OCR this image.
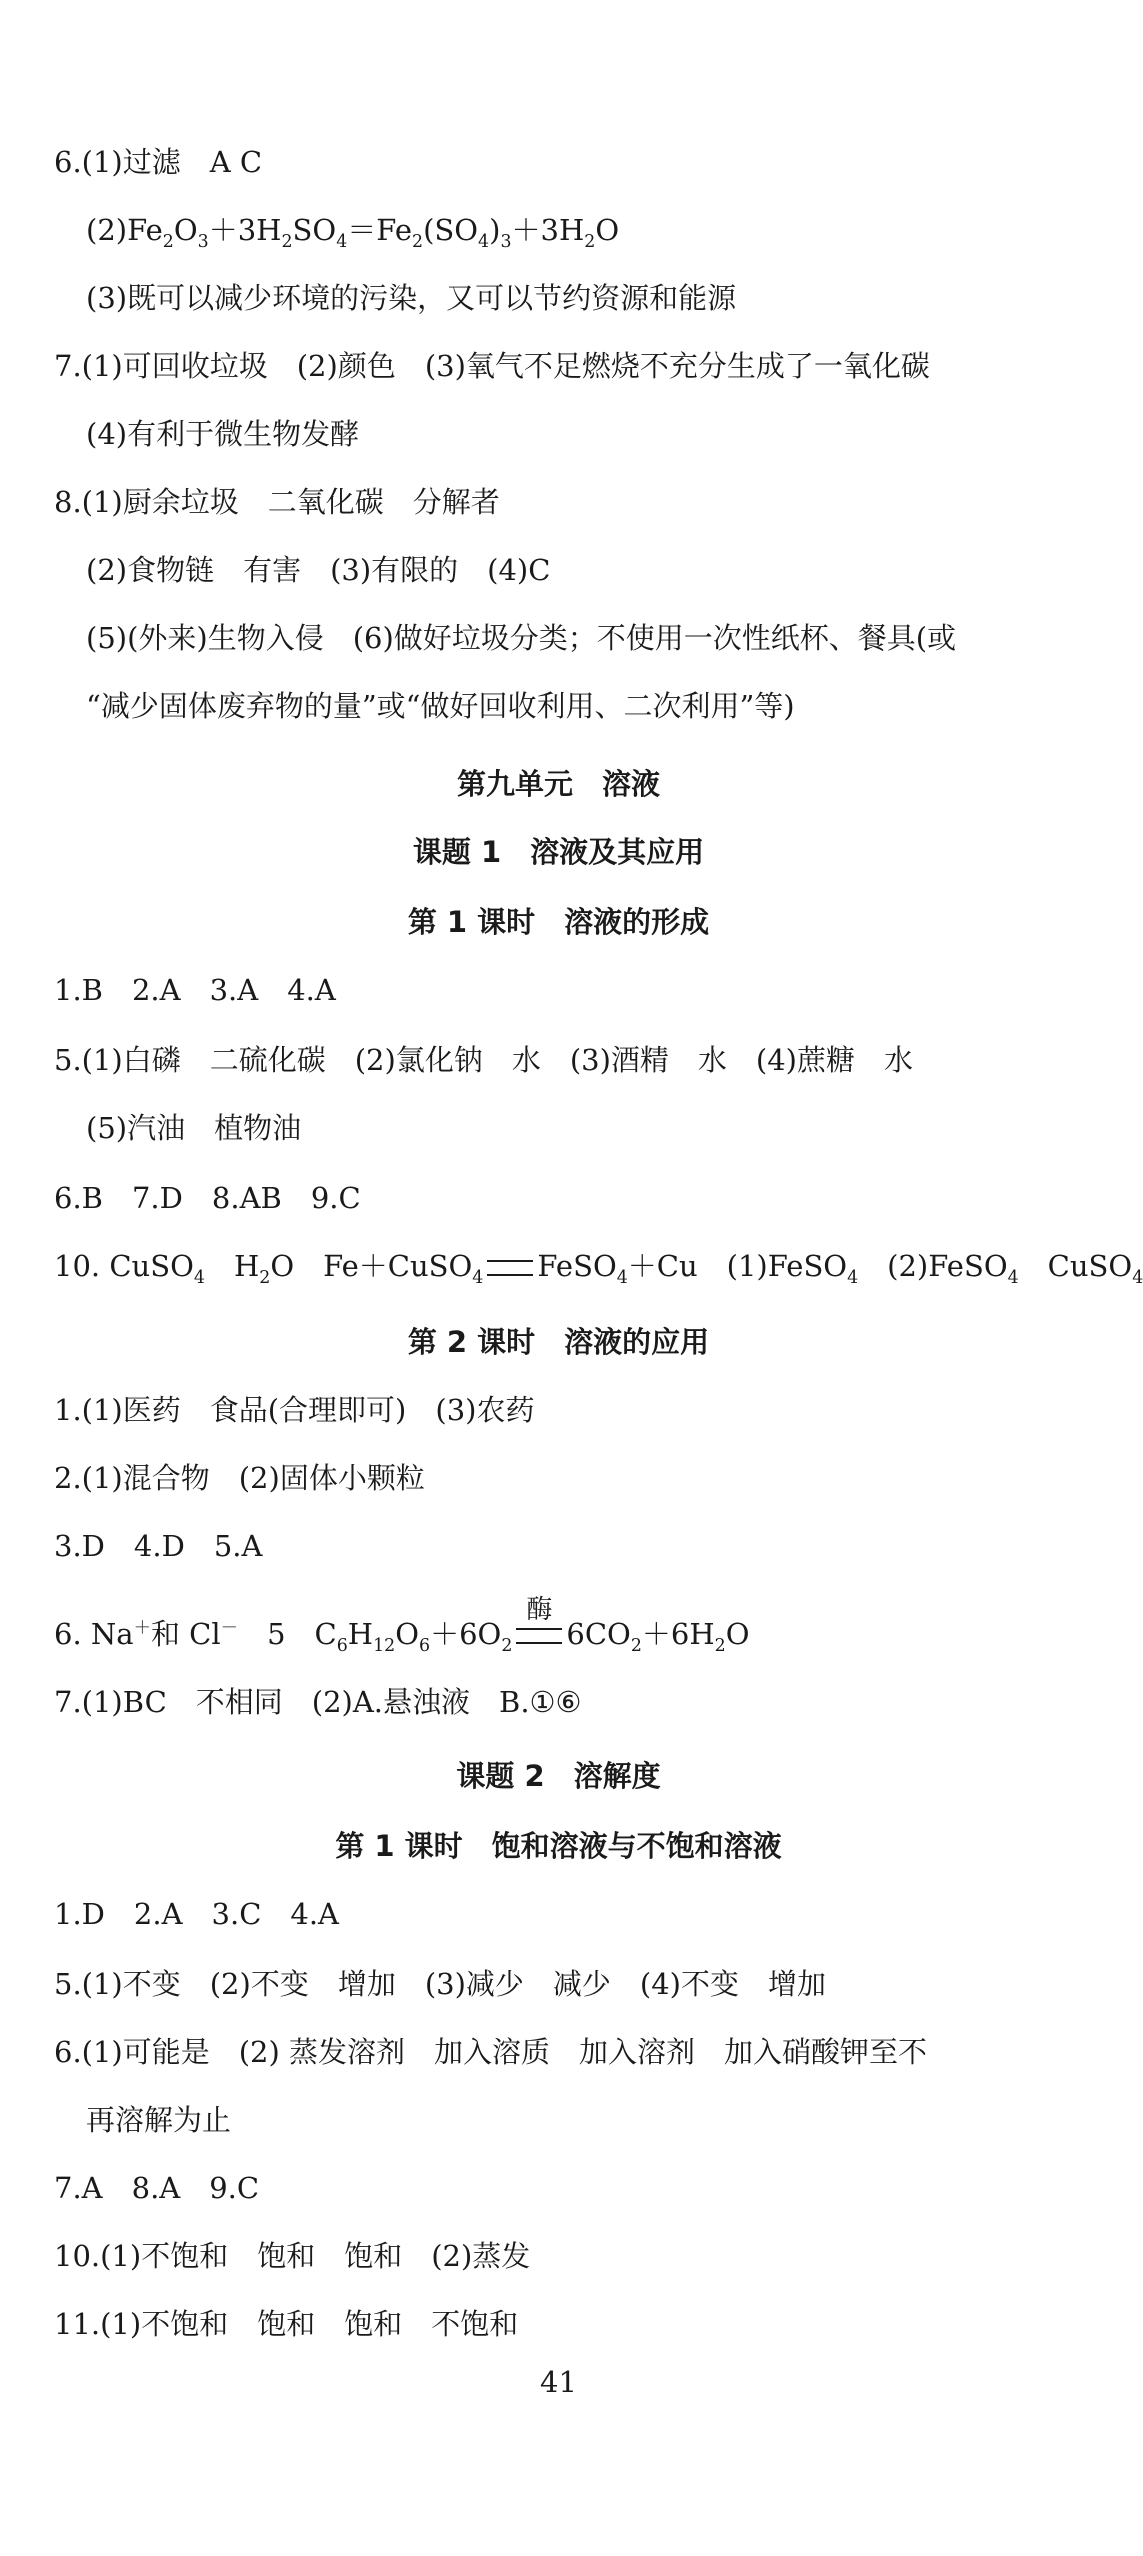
6.(1)过滤　A C
$(2)Fe_2O_3+3H_2SO_4=Fe_2(SO_4)_3+3H_2O$
(3)既可以减少环境的污染，又可以节约资源和能源
7.(1)可回收垃圾　(2)颜色　(3)氧气不足燃烧不充分生成了一氧化碳
(4)有利于微生物发酵
8.(1)厨余垃圾　二氧化碳　分解者
(2)食物链　有害　(3)有限的　(4)C
(5)(外来)生物入侵　(6)做好垃圾分类；不使用一次性纸杯、餐具(或
“减少固体废弃物的量”或“做好回收利用、二次利用”等)
第九单元　溶液
课题 1　溶液及其应用
第 1 课时　溶液的形成
1.B　2.A　3.A　4.A
5.(1)白磷　二硫化碳　(2)氯化钠　水　(3)酒精　水　(4)蔗糖　水
(5)汽油　植物油
6.B　7.D　8.AB　9.C
10. CuSO$_4$　$H_2O$　Fe＋CuSO$_4$ FeSO$_4$＋Cu　(1)FeSO$_4$　(2)FeSO$_4$　CuSO$_4$
第 2 课时　溶液的应用
1.(1)医药　食品(合理即可)　(3)农药
2.(1)混合物　(2)固体小颗粒
3.D　4.D　5.A
6. Na＋和 Cl－　5　$C_6H_{12}O_6+6O_2$
酶
$6CO_2+6H_2O$
7.(1)BC　不相同　(2)A.悬浊液　B.①⑥
课题 2　溶解度
第 1 课时　饱和溶液与不饱和溶液
1.D　2.A　3.C　4.A
5.(1)不变　(2)不变　增加　(3)减少　减少　(4)不变　增加
6.(1)可能是　(2) 蒸发溶剂　加入溶质　加入溶剂　加入硝酸钾至不
再溶解为止
7.A　8.A　9.C
10.(1)不饱和　饱和　饱和　(2)蒸发
11.(1)不饱和　饱和　饱和　不饱和
41
